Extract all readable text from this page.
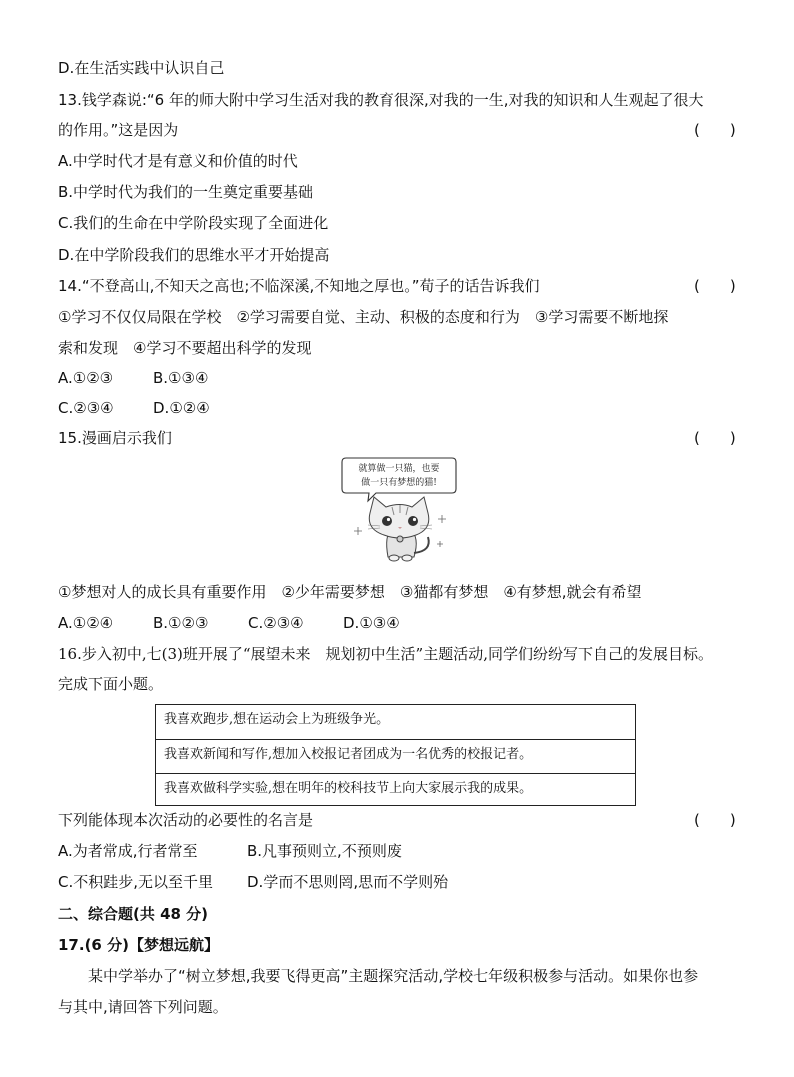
D.在生活实践中认识自己
13.钱学森说:“6 年的师大附中学习生活对我的教育很深,对我的一生,对我的知识和人生观起了很大
的作用。”这是因为	(　　)
A.中学时代才是有意义和价值的时代
B.中学时代为我们的一生奠定重要基础
C.我们的生命在中学阶段实现了全面进化
D.在中学阶段我们的思维水平才开始提高
14.“不登高山,不知天之高也;不临深溪,不知地之厚也。”荀子的话告诉我们	(　　)
①学习不仅仅局限在学校　②学习需要自觉、主动、积极的态度和行为　③学习需要不断地探
索和发现　④学习不要超出科学的发现
A.①②③	B.①③④
C.②③④	D.①②④
15.漫画启示我们	(　　)
就算做一只猫，也要
做一只有梦想的猫!
①梦想对人的成长具有重要作用　②少年需要梦想　③猫都有梦想　④有梦想,就会有希望
A.①②④	B.①②③	C.②③④	D.①③④
16.步入初中,七(3)班开展了“展望未来　规划初中生活”主题活动,同学们纷纷写下自己的发展目标。
完成下面小题。
我喜欢跑步,想在运动会上为班级争光。
我喜欢新闻和写作,想加入校报记者团成为一名优秀的校报记者。
我喜欢做科学实验,想在明年的校科技节上向大家展示我的成果。
下列能体现本次活动的必要性的名言是	(　　)
A.为者常成,行者常至	B.凡事预则立,不预则废
C.不积跬步,无以至千里 D.学而不思则罔,思而不学则殆
二、综合题(共 48 分)
17.(6 分)【梦想远航】
　　某中学举办了“树立梦想,我要飞得更高”主题探究活动,学校七年级积极参与活动。如果你也参
与其中,请回答下列问题。
